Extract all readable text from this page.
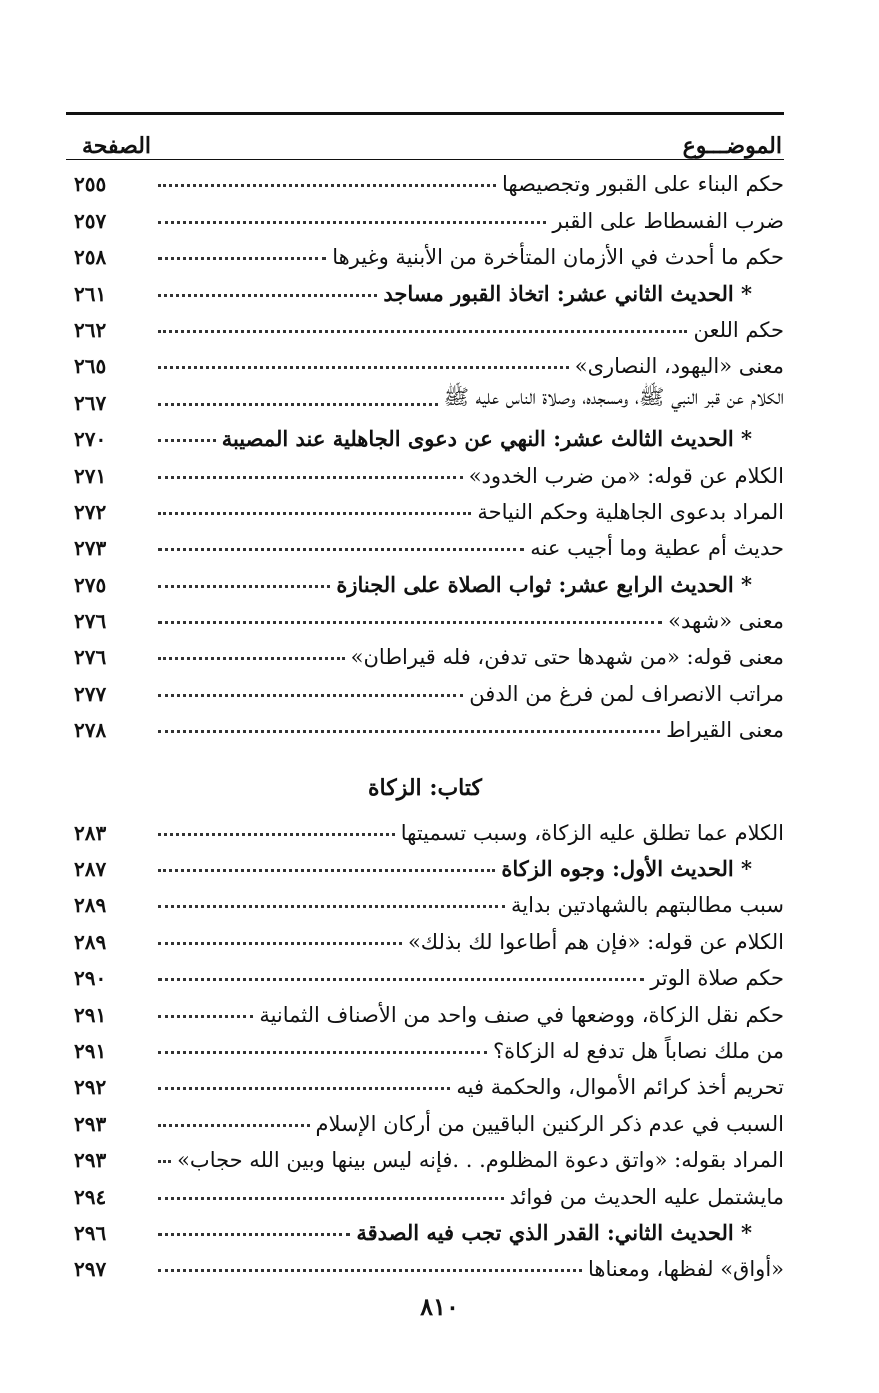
الموضـــوع
الصفحة
حكم البناء على القبور وتجصيصها
٢٥٥
ضرب الفسطاط على القبر
٢٥٧
حكم ما أحدث في الأزمان المتأخرة من الأبنية وغيرها
٢٥٨
* الحديث الثاني عشر: اتخاذ القبور مساجد
٢٦١
حكم اللعن
٢٦٢
معنى «اليهود، النصارى»
٢٦٥
الكلام عن قبر النبي ﷺ، ومسجده، وصلاة الناس عليه ﷺ
٢٦٧
* الحديث الثالث عشر: النهي عن دعوى الجاهلية عند المصيبة
٢٧٠
الكلام عن قوله: «من ضرب الخدود»
٢٧١
المراد بدعوى الجاهلية وحكم النياحة
٢٧٢
حديث أم عطية وما أجيب عنه
٢٧٣
* الحديث الرابع عشر: ثواب الصلاة على الجنازة
٢٧٥
معنى «شهد»
٢٧٦
معنى قوله: «من شهدها حتى تدفن، فله قيراطان»
٢٧٦
مراتب الانصراف لمن فرغ من الدفن
٢٧٧
معنى القيراط
٢٧٨
كتاب: الزكاة
الكلام عما تطلق عليه الزكاة، وسبب تسميتها
٢٨٣
* الحديث الأول: وجوه الزكاة
٢٨٧
سبب مطالبتهم بالشهادتين بداية
٢٨٩
الكلام عن قوله: «فإن هم أطاعوا لك بذلك»
٢٨٩
حكم صلاة الوتر
٢٩٠
حكم نقل الزكاة، ووضعها في صنف واحد من الأصناف الثمانية
٢٩١
من ملك نصاباً هل تدفع له الزكاة؟
٢٩١
تحريم أخذ كرائم الأموال، والحكمة فيه
٢٩٢
السبب في عدم ذكر الركنين الباقيين من أركان الإسلام
٢٩٣
المراد بقوله: «واتق دعوة المظلوم. . .فإنه ليس بينها وبين الله حجاب»
٢٩٣
مايشتمل عليه الحديث من فوائد
٢٩٤
* الحديث الثاني: القدر الذي تجب فيه الصدقة
٢٩٦
«أواق» لفظها، ومعناها
٢٩٧
٨١٠
